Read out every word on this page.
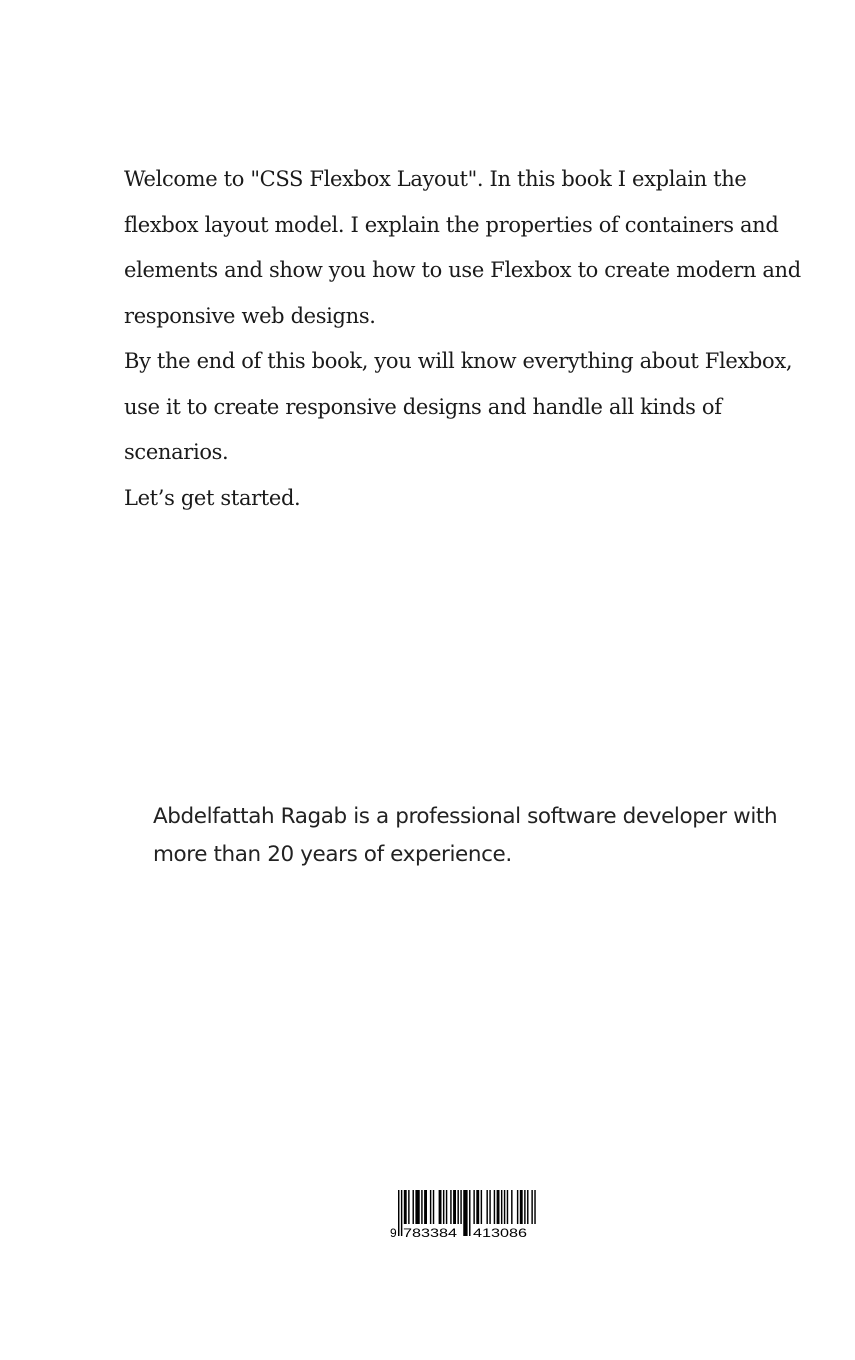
Welcome to "CSS Flexbox Layout". In this book I explain the flexbox layout model. I explain the properties of containers and elements and show you how to use Flexbox to create modern and responsive web designs.

By the end of this book, you will know everything about Flexbox, use it to create responsive designs and handle all kinds of scenarios.

Let’s get started.

Abdelfattah Ragab is a professional software developer with more than 20 years of experience.
9 783384 413086
